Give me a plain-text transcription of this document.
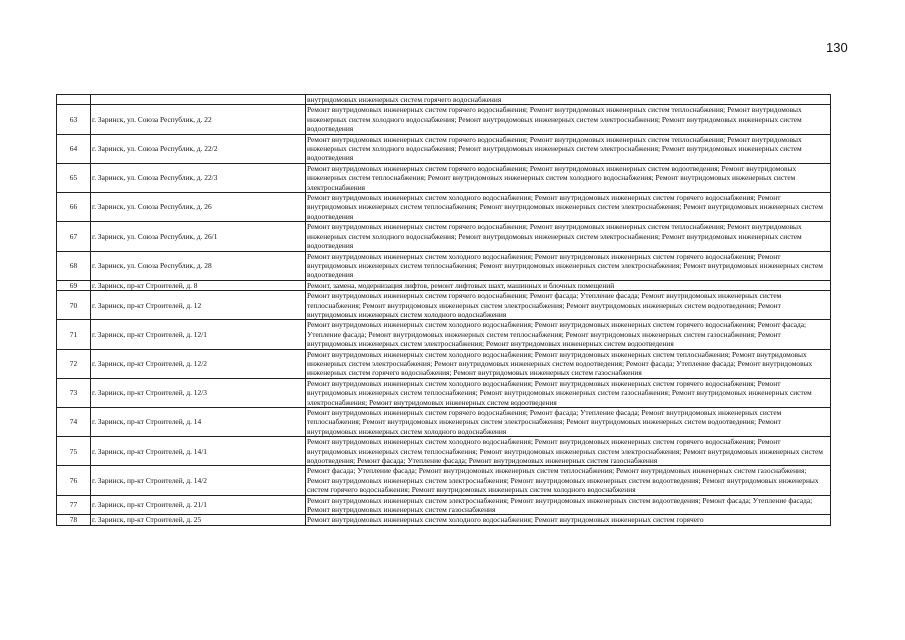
130
		внутридомовых инженерных систем горячего водоснабжения
63	г. Заринск, ул. Союза Республик, д. 22	Ремонт внутридомовых инженерных систем горячего водоснабжения; Ремонт внутридомовых инженерных систем теплоснабжения; Ремонт внутридомовых инженерных систем холодного водоснабжения; Ремонт внутридомовых инженерных систем электроснабжения; Ремонт внутридомовых инженерных систем водоотведения
64	г. Заринск, ул. Союза Республик, д. 22/2	Ремонт внутридомовых инженерных систем горячего водоснабжения; Ремонт внутридомовых инженерных систем теплоснабжения; Ремонт внутридомовых инженерных систем холодного водоснабжения; Ремонт внутридомовых инженерных систем электроснабжения; Ремонт внутридомовых инженерных систем водоотведения
65	г. Заринск, ул. Союза Республик, д. 22/3	Ремонт внутридомовых инженерных систем горячего водоснабжения; Ремонт внутридомовых инженерных систем водоотведения; Ремонт внутридомовых инженерных систем теплоснабжения; Ремонт внутридомовых инженерных систем холодного водоснабжения; Ремонт внутридомовых инженерных систем электроснабжения
66	г. Заринск, ул. Союза Республик, д. 26	Ремонт внутридомовых инженерных систем холодного водоснабжения; Ремонт внутридомовых инженерных систем горячего водоснабжения; Ремонт внутридомовых инженерных систем теплоснабжения; Ремонт внутридомовых инженерных систем электроснабжения; Ремонт внутридомовых инженерных систем водоотведения
67	г. Заринск, ул. Союза Республик, д. 26/1	Ремонт внутридомовых инженерных систем горячего водоснабжения; Ремонт внутридомовых инженерных систем теплоснабжения; Ремонт внутридомовых инженерных систем холодного водоснабжения; Ремонт внутридомовых инженерных систем электроснабжения; Ремонт внутридомовых инженерных систем водоотведения
68	г. Заринск, ул. Союза Республик, д. 28	Ремонт внутридомовых инженерных систем холодного водоснабжения; Ремонт внутридомовых инженерных систем горячего водоснабжения; Ремонт внутридомовых инженерных систем теплоснабжения; Ремонт внутридомовых инженерных систем электроснабжения; Ремонт внутридомовых инженерных систем водоотведения
69	г. Заринск, пр-кт Строителей, д. 8	Ремонт, замена, модернизация лифтов, ремонт лифтовых шахт, машинных и блочных помещений
70	г. Заринск, пр-кт Строителей, д. 12	Ремонт внутридомовых инженерных систем горячего водоснабжения; Ремонт фасада; Утепление фасада; Ремонт внутридомовых инженерных систем теплоснабжения; Ремонт внутридомовых инженерных систем электроснабжения; Ремонт внутридомовых инженерных систем водоотведения; Ремонт внутридомовых инженерных систем холодного водоснабжения
71	г. Заринск, пр-кт Строителей, д. 12/1	Ремонт внутридомовых инженерных систем холодного водоснабжения; Ремонт внутридомовых инженерных систем горячего водоснабжения; Ремонт фасада; Утепление фасада; Ремонт внутридомовых инженерных систем теплоснабжения; Ремонт внутридомовых инженерных систем газоснабжения; Ремонт внутридомовых инженерных систем электроснабжения; Ремонт внутридомовых инженерных систем водоотведения
72	г. Заринск, пр-кт Строителей, д. 12/2	Ремонт внутридомовых инженерных систем холодного водоснабжения; Ремонт внутридомовых инженерных систем теплоснабжения; Ремонт внутридомовых инженерных систем электроснабжения; Ремонт внутридомовых инженерных систем водоотведения; Ремонт фасада; Утепление фасада; Ремонт внутридомовых инженерных систем горячего водоснабжения; Ремонт внутридомовых инженерных систем газоснабжения
73	г. Заринск, пр-кт Строителей, д. 12/3	Ремонт внутридомовых инженерных систем холодного водоснабжения; Ремонт внутридомовых инженерных систем горячего водоснабжения; Ремонт внутридомовых инженерных систем теплоснабжения; Ремонт внутридомовых инженерных систем газоснабжения; Ремонт внутридомовых инженерных систем электроснабжения; Ремонт внутридомовых инженерных систем водоотведения
74	г. Заринск, пр-кт Строителей, д. 14	Ремонт внутридомовых инженерных систем горячего водоснабжения; Ремонт фасада; Утепление фасада; Ремонт внутридомовых инженерных систем теплоснабжения; Ремонт внутридомовых инженерных систем электроснабжения; Ремонт внутридомовых инженерных систем водоотведения; Ремонт внутридомовых инженерных систем холодного водоснабжения
75	г. Заринск, пр-кт Строителей, д. 14/1	Ремонт внутридомовых инженерных систем холодного водоснабжения; Ремонт внутридомовых инженерных систем горячего водоснабжения; Ремонт внутридомовых инженерных систем теплоснабжения; Ремонт внутридомовых инженерных систем электроснабжения; Ремонт внутридомовых инженерных систем водоотведения; Ремонт фасада; Утепление фасада; Ремонт внутридомовых инженерных систем газоснабжения
76	г. Заринск, пр-кт Строителей, д. 14/2	Ремонт фасада; Утепление фасада; Ремонт внутридомовых инженерных систем теплоснабжения; Ремонт внутридомовых инженерных систем газоснабжения; Ремонт внутридомовых инженерных систем электроснабжения; Ремонт внутридомовых инженерных систем водоотведения; Ремонт внутридомовых инженерных систем горячего водоснабжения; Ремонт внутридомовых инженерных систем холодного водоснабжения
77	г. Заринск, пр-кт Строителей, д. 21/1	Ремонт внутридомовых инженерных систем электроснабжения; Ремонт внутридомовых инженерных систем водоотведения; Ремонт фасада; Утепление фасада; Ремонт внутридомовых инженерных систем газоснабжения
78	г. Заринск, пр-кт Строителей, д. 25	Ремонт внутридомовых инженерных систем холодного водоснабжения; Ремонт внутридомовых инженерных систем горячего
